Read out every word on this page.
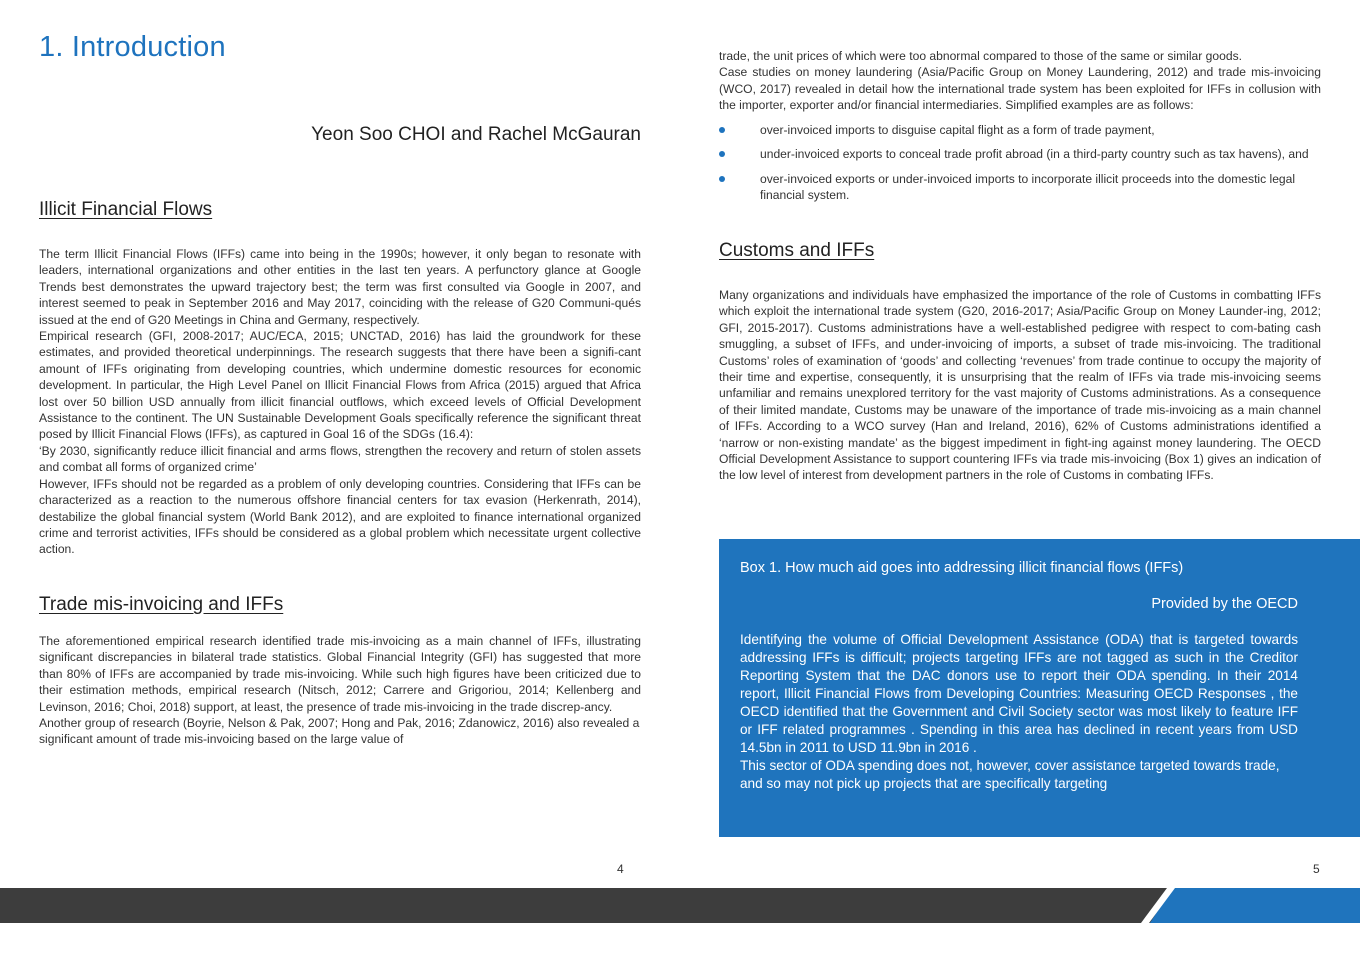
1. Introduction
Yeon Soo CHOI and Rachel McGauran
Illicit Financial Flows

The term Illicit Financial Flows (IFFs) came into being in the 1990s; however, it only began to resonate with leaders, international organizations and other entities in the last ten years. A perfunctory glance at Google Trends best demonstrates the upward trajectory best; the term was first consulted via Google in 2007, and interest seemed to peak in September 2016 and May 2017, coinciding with the release of G20 Communi-qués issued at the end of G20 Meetings in China and Germany, respectively.

Empirical research (GFI, 2008-2017; AUC/ECA, 2015; UNCTAD, 2016) has laid the groundwork for these estimates, and provided theoretical underpinnings. The research suggests that there have been a signifi-cant amount of IFFs originating from developing countries, which undermine domestic resources for economic development. In particular, the High Level Panel on Illicit Financial Flows from Africa (2015) argued that Africa lost over 50 billion USD annually from illicit financial outflows, which exceed levels of Official Development Assistance to the continent. The UN Sustainable Development Goals specifically reference the significant threat posed by Illicit Financial Flows (IFFs), as captured in Goal 16 of the SDGs (16.4):

‘By 2030, significantly reduce illicit financial and arms flows, strengthen the recovery and return of stolen assets and combat all forms of organized crime’

However, IFFs should not be regarded as a problem of only developing countries. Considering that IFFs can be characterized as a reaction to the numerous offshore financial centers for tax evasion (Herkenrath, 2014), destabilize the global financial system (World Bank 2012), and are exploited to finance international organized crime and terrorist activities, IFFs should be considered as a global problem which necessitate urgent collective action.

Trade mis-invoicing and IFFs

The aforementioned empirical research identified trade mis-invoicing as a main channel of IFFs, illustrating significant discrepancies in bilateral trade statistics. Global Financial Integrity (GFI) has suggested that more than 80% of IFFs are accompanied by trade mis-invoicing. While such high figures have been criticized due to their estimation methods, empirical research (Nitsch, 2012; Carrere and Grigoriou, 2014; Kellenberg and Levinson, 2016; Choi, 2018) support, at least, the presence of trade mis-invoicing in the trade discrep-ancy.

Another group of research (Boyrie, Nelson & Pak, 2007; Hong and Pak, 2016; Zdanowicz, 2016) also revealed a significant amount of trade mis-invoicing based on the large value of

trade, the unit prices of which were too abnormal compared to those of the same or similar goods.

Case studies on money laundering (Asia/Pacific Group on Money Laundering, 2012) and trade mis-invoicing (WCO, 2017) revealed in detail how the international trade system has been exploited for IFFs in collusion with the importer, exporter and/or financial intermediaries. Simplified examples are as follows:

over-invoiced imports to disguise capital flight as a form of trade payment,
under-invoiced exports to conceal trade profit abroad (in a third-party country such as tax havens), and
over-invoiced exports or under-invoiced imports to incorporate illicit proceeds into the domestic legal financial system.
Customs and IFFs

Many organizations and individuals have emphasized the importance of the role of Customs in combatting IFFs which exploit the international trade system (G20, 2016-2017; Asia/Pacific Group on Money Launder-ing, 2012; GFI, 2015-2017). Customs administrations have a well-established pedigree with respect to com-bating cash smuggling, a subset of IFFs, and under-invoicing of imports, a subset of trade mis-invoicing. The traditional Customs’ roles of examination of ‘goods’ and collecting ‘revenues’ from trade continue to occupy the majority of their time and expertise, consequently, it is unsurprising that the realm of IFFs via trade mis-invoicing seems unfamiliar and remains unexplored territory for the vast majority of Customs administrations. As a consequence of their limited mandate, Customs may be unaware of the importance of trade mis-invoicing as a main channel of IFFs. According to a WCO survey (Han and Ireland, 2016), 62% of Customs administrations identified a ‘narrow or non-existing mandate’ as the biggest impediment in fight-ing against money laundering. The OECD Official Development Assistance to support countering IFFs via trade mis-invoicing (Box 1) gives an indication of the low level of interest from development partners in the role of Customs in combating IFFs.

Box 1. How much aid goes into addressing illicit financial flows (IFFs)
Provided by the OECD

Identifying the volume of Official Development Assistance (ODA) that is targeted towards addressing IFFs is difficult; projects targeting IFFs are not tagged as such in the Creditor Reporting System that the DAC donors use to report their ODA spending. In their 2014 report, Illicit Financial Flows from Developing Countries: Measuring OECD Responses , the OECD identified that the Government and Civil Society sector was most likely to feature IFF or IFF related programmes . Spending in this area has declined in recent years from USD 14.5bn in 2011 to USD 11.9bn in 2016 .

This sector of ODA spending does not, however, cover assistance targeted towards trade, and so may not pick up projects that are specifically targeting

4	5
